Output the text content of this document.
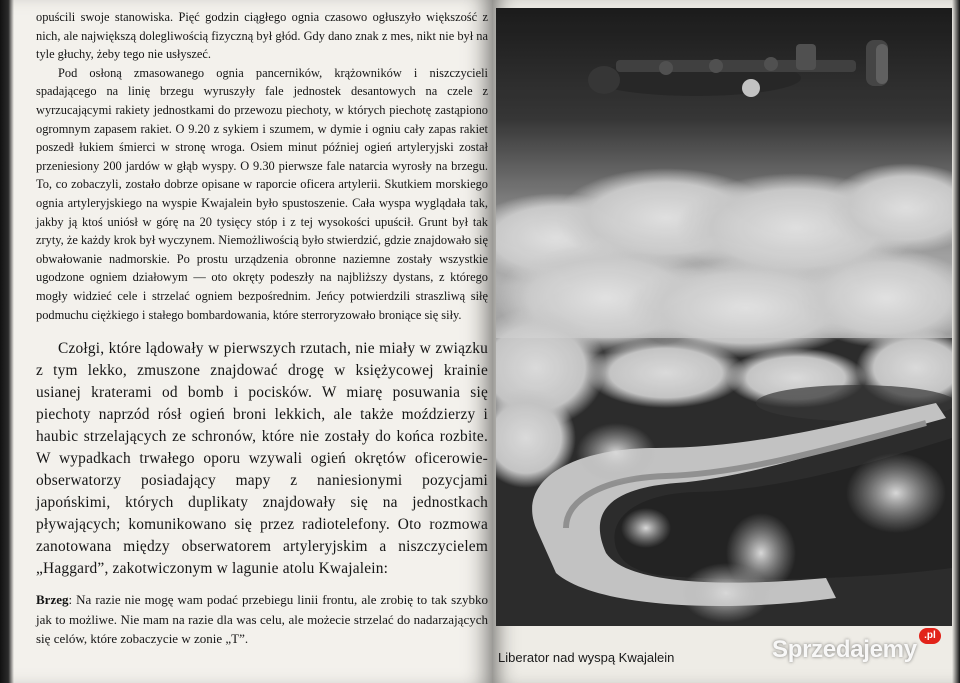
opuścili swoje stanowiska. Pięć godzin ciągłego ognia czasowo ogłuszyło większość z nich, ale największą dolegliwością fizyczną był głód. Gdy dano znak z mes, nikt nie był na tyle głuchy, żeby tego nie usłyszeć.

Pod osłoną zmasowanego ognia pancerników, krążowników i niszczycieli spadającego na linię brzegu wyruszyły fale jednostek desantowych na czele z wyrzucającymi rakiety jednostkami do przewozu piechoty, w których piechotę zastąpiono ogromnym zapasem rakiet. O 9.20 z sykiem i szumem, w dymie i ogniu cały zapas rakiet poszedł łukiem śmierci w stronę wroga. Osiem minut później ogień artyleryjski został przeniesiony 200 jardów w głąb wyspy. O 9.30 pierwsze fale natarcia wyrosły na brzegu. To, co zobaczyli, zostało dobrze opisane w raporcie oficera artylerii. Skutkiem morskiego ognia artyleryjskiego na wyspie Kwajalein było spustoszenie. Cała wyspa wyglądała tak, jakby ją ktoś uniósł w górę na 20 tysięcy stóp i z tej wysokości upuścił. Grunt był tak zryty, że każdy krok był wyczynem. Niemożliwością było stwierdzić, gdzie znajdowało się obwałowanie nadmorskie. Po prostu urządzenia obronne naziemne zostały wszystkie ugodzone ogniem działowym — oto okręty podeszły na najbliższy dystans, z którego mogły widzieć cele i strzelać ogniem bezpośrednim. Jeńcy potwierdzili straszliwą siłę podmuchu ciężkiego i stałego bombardowania, które sterroryzowało broniące się siły.

Czołgi, które lądowały w pierwszych rzutach, nie miały w związku z tym lekko, zmuszone znajdować drogę w księżycowej krainie usianej kraterami od bomb i pocisków. W miarę posuwania się piechoty naprzód rósł ogień broni lekkich, ale także moździerzy i haubic strzelających ze schronów, które nie zostały do końca rozbite. W wypadkach trwałego oporu wzywali ogień okrętów oficerowie-obserwatorzy posiadający mapy z naniesionymi pozycjami japońskimi, których duplikaty znajdowały się na jednostkach pływających; komunikowano się przez radiotelefony. Oto rozmowa zanotowana między obserwatorem artyleryjskim a niszczycielem „Haggard”, zakotwiczonym w lagunie atolu Kwajalein:

Brzeg: Na razie nie mogę wam podać przebiegu linii frontu, ale zrobię to tak szybko jak to możliwe. Nie mam na razie dla was celu, ale możecie strzelać do nadarzających się celów, które zobaczycie w zonie „T”.

Liberator nad wyspą Kwajalein	Sprzedajemy
.pl
